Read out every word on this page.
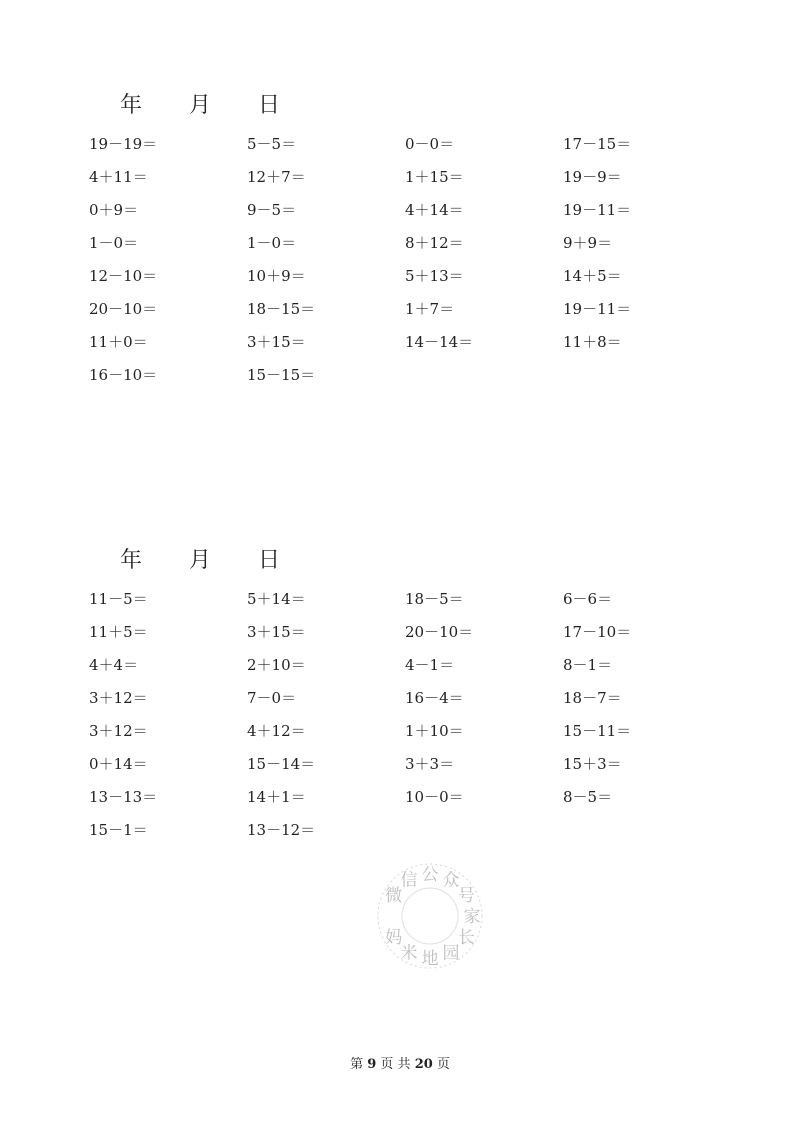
年 月 日
19－19＝	5－5＝	0－0＝	17－15＝
4＋11＝	12＋7＝	1＋15＝	19－9＝
0＋9＝	9－5＝	4＋14＝	19－11＝
1－0＝	1－0＝	8＋12＝	9＋9＝
12－10＝	10＋9＝	5＋13＝	14＋5＝
20－10＝	18－15＝	1＋7＝	19－11＝
11＋0＝	3＋15＝	14－14＝	11＋8＝
16－10＝	15－15＝
年 月 日
11－5＝	5＋14＝	18－5＝	6－6＝
11＋5＝	3＋15＝	20－10＝	17－10＝
4＋4＝	2＋10＝	4－1＝	8－1＝
3＋12＝	7－0＝	16－4＝	18－7＝
3＋12＝	4＋12＝	1＋10＝	15－11＝
0＋14＝	15－14＝	3＋3＝	15＋3＝
13－13＝	14＋1＝	10－0＝	8－5＝
15－1＝	13－12＝
微
信 公 众
号
家
长
园
地
米
妈
第 9 页 共 20 页
